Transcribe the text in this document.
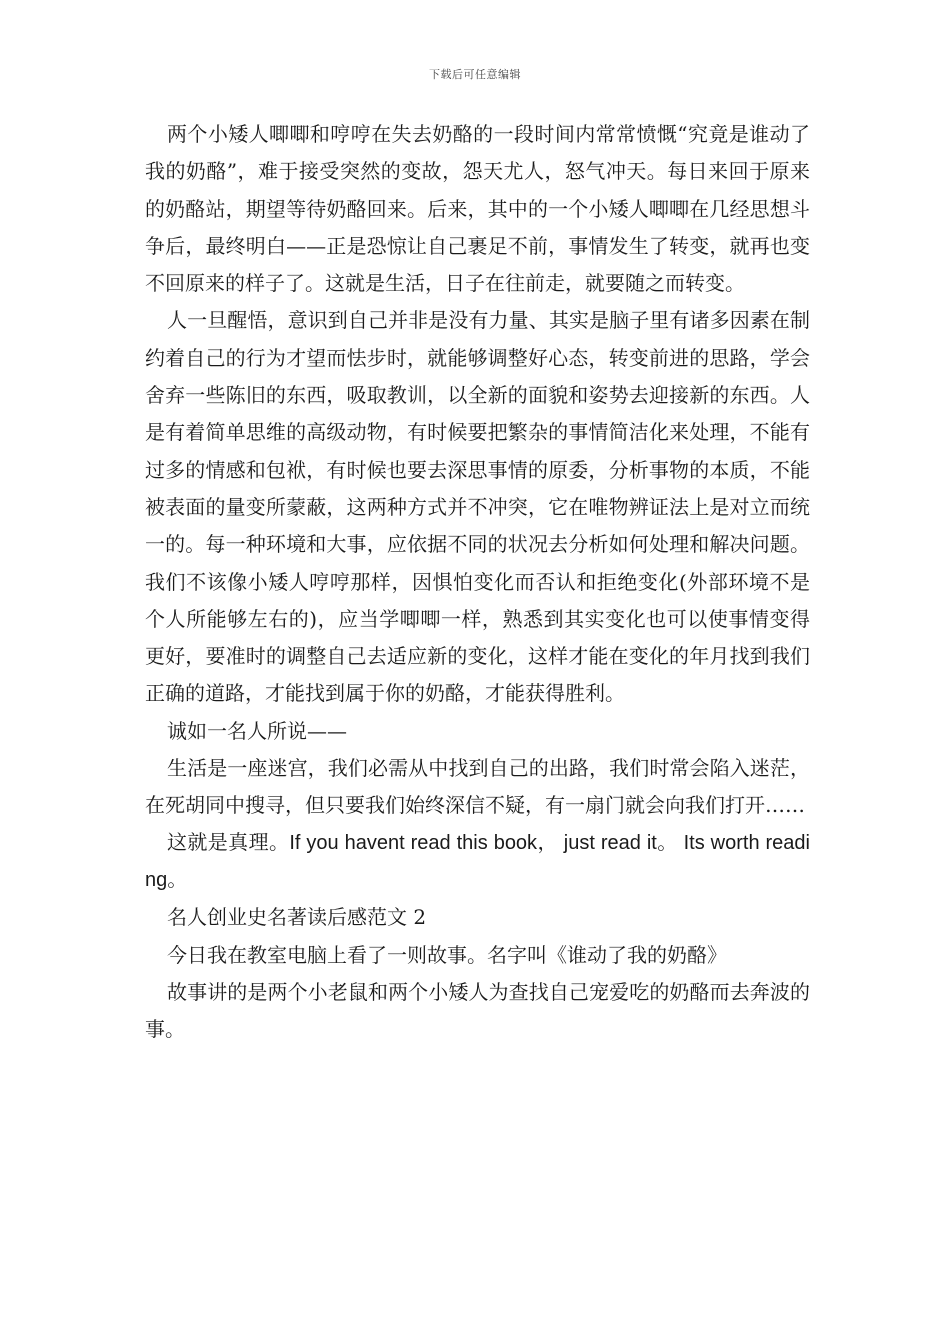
下载后可任意编辑

两个小矮人唧唧和哼哼在失去奶酪的一段时间内常常愤慨“究竟是谁动了我的奶酪”，难于接受突然的变故，怨天尤人，怒气冲天。每日来回于原来的奶酪站，期望等待奶酪回来。后来，其中的一个小矮人唧唧在几经思想斗争后，最终明白——正是恐惊让自己裹足不前，事情发生了转变，就再也变不回原来的样子了。这就是生活，日子在往前走，就要随之而转变。

人一旦醒悟，意识到自己并非是没有力量、其实是脑子里有诸多因素在制约着自己的行为才望而怯步时，就能够调整好心态，转变前进的思路，学会舍弃一些陈旧的东西，吸取教训，以全新的面貌和姿势去迎接新的东西。人是有着简单思维的高级动物，有时候要把繁杂的事情简洁化来处理，不能有过多的情感和包袱，有时候也要去深思事情的原委，分析事物的本质，不能被表面的量变所蒙蔽，这两种方式并不冲突，它在唯物辨证法上是对立而统一的。每一种环境和大事，应依据不同的状况去分析如何处理和解决问题。我们不该像小矮人哼哼那样，因惧怕变化而否认和拒绝变化(外部环境不是个人所能够左右的)，应当学唧唧一样，熟悉到其实变化也可以使事情变得更好，要准时的调整自己去适应新的变化，这样才能在变化的年月找到我们正确的道路，才能找到属于你的奶酪，才能获得胜利。

诚如一名人所说——

生活是一座迷宫，我们必需从中找到自己的出路，我们时常会陷入迷茫，在死胡同中搜寻，但只要我们始终深信不疑，有一扇门就会向我们打开……

这就是真理。If you havent read this book， just read it。 Its worth reading。

名人创业史名著读后感范文 2

今日我在教室电脑上看了一则故事。名字叫《谁动了我的奶酪》

故事讲的是两个小老鼠和两个小矮人为查找自己宠爱吃的奶酪而去奔波的事。
